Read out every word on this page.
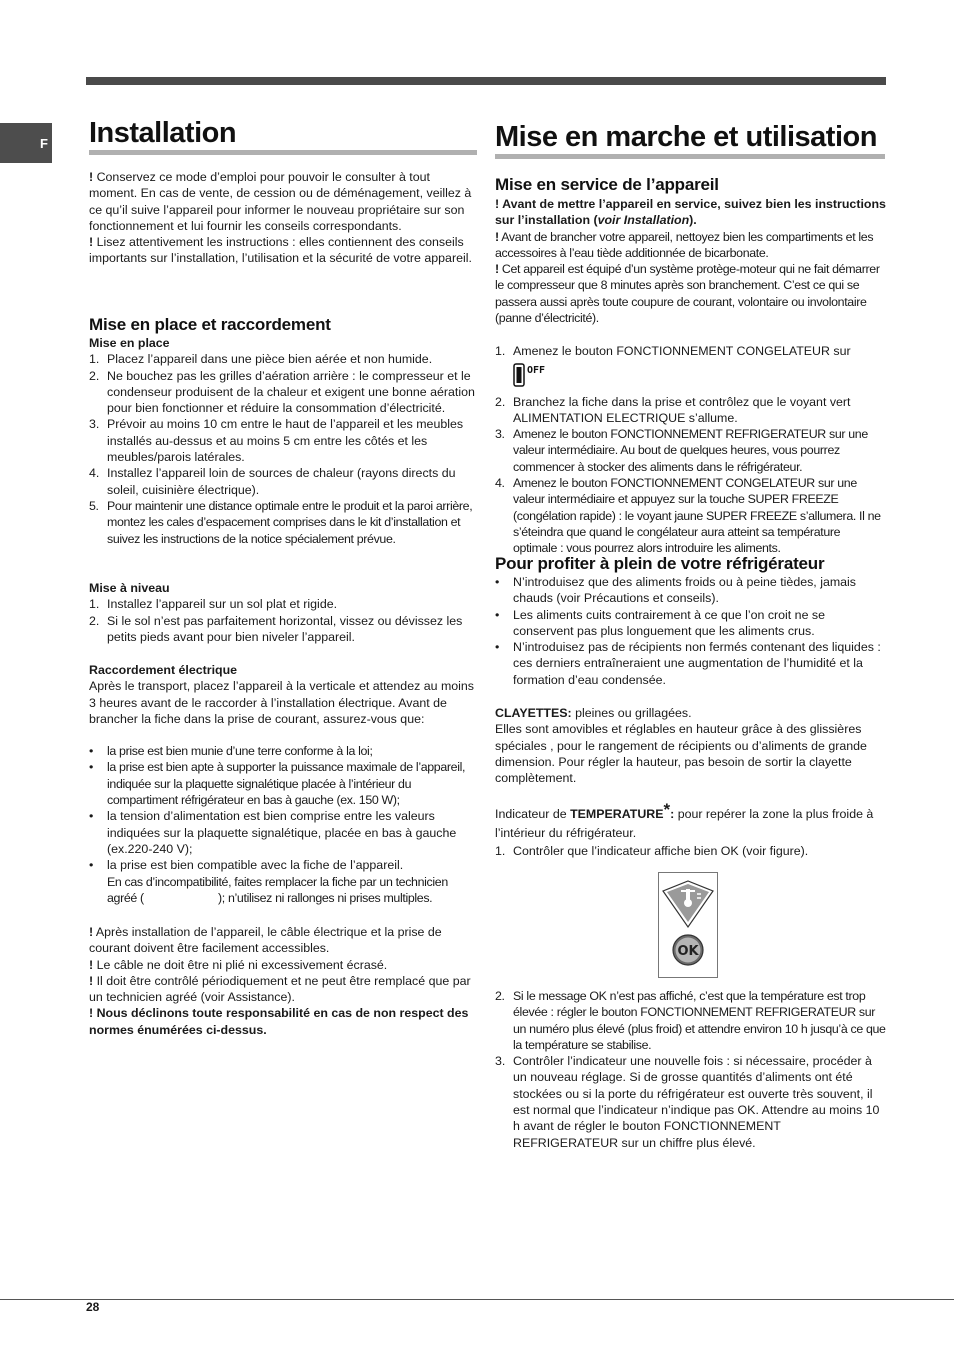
F Installation

! Conservez ce mode d’emploi pour pouvoir le consulter à tout moment. En cas de vente, de cession ou de déménagement, veillez à ce qu’il suive l’appareil pour informer le nouveau propriétaire sur son fonctionnement et lui fournir les conseils correspondants.

! Lisez attentivement les instructions : elles contiennent des conseils importants sur l’installation, l’utilisation et la sécurité de votre appareil.

Mise en place et raccordement
Mise en place
1. Placez l’appareil dans une pièce bien aérée et non humide.
2. Ne bouchez pas les grilles d’aération arrière : le compresseur et le condenseur produisent de la chaleur et exigent une bonne aération pour bien fonctionner et réduire la consommation d’électricité.
3. Prévoir au moins 10 cm entre le haut de l’appareil et les meubles installés au-dessus et au moins 5 cm entre les côtés et les meubles/parois latérales.
4. Installez l’appareil loin de sources de chaleur (rayons directs du soleil, cuisinière électrique).
5. Pour maintenir une distance optimale entre le produit et la paroi arrière, montez les cales d’espacement comprises dans le kit d’installation et suivez les instructions de la notice spécialement prévue.
Mise à niveau
1. Installez l’appareil sur un sol plat et rigide.
2. Si le sol n’est pas parfaitement horizontal, vissez ou dévissez les petits pieds avant pour bien niveler l’appareil.
Raccordement électrique

Après le transport, placez l’appareil à la verticale et attendez au moins 3 heures avant de le raccorder à l’installation électrique. Avant de brancher la fiche dans la prise de courant, assurez-vous que:

• la prise est bien munie d’une terre conforme à la loi;
• la prise est bien apte à supporter la puissance maximale de l’appareil, indiquée sur la plaquette signalétique placée à l’intérieur du compartiment réfrigérateur en bas à gauche (ex. 150 W);
• la tension d’alimentation est bien comprise entre les valeurs indiquées sur la plaquette signalétique, placée en bas à gauche (ex.220-240 V);
• la prise est bien compatible avec la fiche de l’appareil.
En cas d’incompatibilité, faites remplacer la fiche par un technicien agréé (                        ); n’utilisez ni rallonges ni prises multiples.

! Après installation de l’appareil, le câble électrique et la prise de courant doivent être facilement accessibles.

! Le câble ne doit être ni plié ni excessivement écrasé.

! Il doit être contrôlé périodiquement et ne peut être remplacé que par un technicien agréé (voir Assistance).

! Nous déclinons toute responsabilité en cas de non respect des normes énumérées ci-dessus.

Mise en marche et utilisation
Mise en service de l’appareil

! Avant de mettre l’appareil en service, suivez bien les instructions sur l’installation (voir Installation).

! Avant de brancher votre appareil, nettoyez bien les compartiments et les accessoires à l’eau tiède additionnée de bicarbonate.

! Cet appareil est équipé d’un système protège-moteur qui ne fait démarrer le compresseur que 8 minutes après son branchement. C’est ce qui se passera aussi après toute coupure de courant, volontaire ou involontaire (panne d’électricité).

1. Amenez le bouton FONCTIONNEMENT CONGELATEUR sur

OFF
2. Branchez la fiche dans la prise et contrôlez que le voyant vert ALIMENTATION ELECTRIQUE s’allume.
3. Amenez le bouton FONCTIONNEMENT REFRIGERATEUR sur une valeur intermédiaire. Au bout de quelques heures, vous pourrez commencer à stocker des aliments dans le réfrigérateur.
4. Amenez le bouton FONCTIONNEMENT CONGELATEUR sur une valeur intermédiaire et appuyez sur la touche SUPER FREEZE (congélation rapide) : le voyant jaune SUPER FREEZE s’allumera. Il ne s’éteindra que quand le congélateur aura atteint sa température optimale : vous pourrez alors introduire les aliments.
Pour profiter à plein de votre réfrigérateur
• N’introduisez que des aliments froids ou à peine tièdes, jamais chauds (voir Précautions et conseils).
• Les aliments cuits contrairement à ce que l’on croit ne se conservent pas plus longuement que les aliments crus.
• N’introduisez pas de récipients non fermés contenant des liquides : ces derniers entraîneraient une augmentation de l’humidité et la formation d’eau condensée.

CLAYETTES: pleines ou grillagées.

Elles sont amovibles et réglables en hauteur grâce à des glissières spéciales , pour le rangement de récipients ou d’aliments de grande dimension. Pour régler la hauteur, pas besoin de sortir la clayette complètement.

Indicateur de TEMPERATURE*: pour repérer la zone la plus froide à l’intérieur du réfrigérateur.

1. Contrôler que l’indicateur affiche bien OK (voir figure).
OK
2. Si le message OK n’est pas affiché, c’est que la température est trop élevée : régler le bouton FONCTIONNEMENT REFRIGERATEUR sur un numéro plus élevé (plus froid) et attendre environ 10 h jusqu’à ce que la température se stabilise.
3. Contrôler l’indicateur une nouvelle fois : si nécessaire, procéder à un nouveau réglage. Si de grosse quantités d’aliments ont été stockées ou si la porte du réfrigérateur est ouverte très souvent, il est normal que l’indicateur n’indique pas OK. Attendre au moins 10 h avant de régler le bouton FONCTIONNEMENT REFRIGERATEUR sur un chiffre plus élevé.
28
